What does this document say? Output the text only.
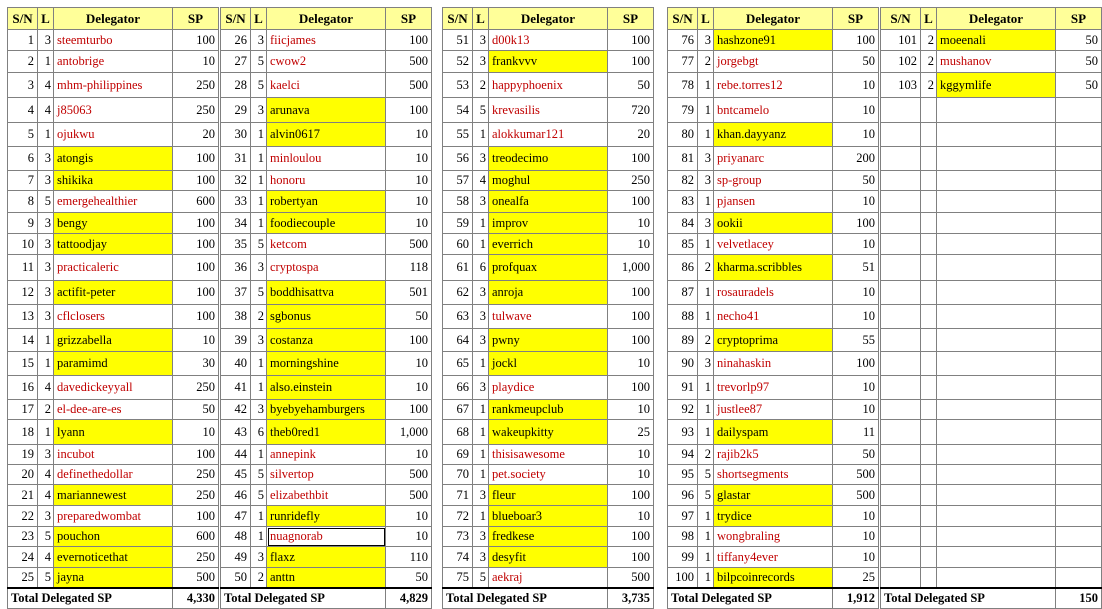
S/N	L	Delegator	SP
1	3	steemturbo	100
2	1	antobrige	10
3	4	mhm-philippines	250
4	4	j85063	250
5	1	ojukwu	20
6	3	atongis	100
7	3	shikika	100
8	5	emergehealthier	600
9	3	bengy	100
10	3	tattoodjay	100
11	3	practicaleric	100
12	3	actifit-peter	100
13	3	cflclosers	100
14	1	grizzabella	10
15	1	paramimd	30
16	4	davedickeyyall	250
17	2	el-dee-are-es	50
18	1	lyann	10
19	3	incubot	100
20	4	definethedollar	250
21	4	mariannewest	250
22	3	preparedwombat	100
23	5	pouchon	600
24	4	evernoticethat	250
25	5	jayna	500
Total Delegated SP			4,330
S/N	L	Delegator	SP
26	3	fiicjames	100
27	5	cwow2	500
28	5	kaelci	500
29	3	arunava	100
30	1	alvin0617	10
31	1	minloulou	10
32	1	honoru	10
33	1	robertyan	10
34	1	foodiecouple	10
35	5	ketcom	500
36	3	cryptospa	118
37	5	boddhisattva	501
38	2	sgbonus	50
39	3	costanza	100
40	1	morningshine	10
41	1	also.einstein	10
42	3	byebyehamburgers	100
43	6	theb0red1	1,000
44	1	annepink	10
45	5	silvertop	500
46	5	elizabethbit	500
47	1	runridefly	10
48	1	nuagnorab	10
49	3	flaxz	110
50	2	anttn	50
Total Delegated SP			4,829
S/N	L	Delegator	SP
51	3	d00k13	100
52	3	frankvvv	100
53	2	happyphoenix	50
54	5	krevasilis	720
55	1	alokkumar121	20
56	3	treodecimo	100
57	4	moghul	250
58	3	onealfa	100
59	1	improv	10
60	1	everrich	10
61	6	profquax	1,000
62	3	anroja	100
63	3	tulwave	100
64	3	pwny	100
65	1	jockl	10
66	3	playdice	100
67	1	rankmeupclub	10
68	1	wakeupkitty	25
69	1	thisisawesome	10
70	1	pet.society	10
71	3	fleur	100
72	1	blueboar3	10
73	3	fredkese	100
74	3	desyfit	100
75	5	aekraj	500
Total Delegated SP			3,735
S/N	L	Delegator	SP
76	3	hashzone91	100
77	2	jorgebgt	50
78	1	rebe.torres12	10
79	1	bntcamelo	10
80	1	khan.dayyanz	10
81	3	priyanarc	200
82	3	sp-group	50
83	1	pjansen	10
84	3	ookii	100
85	1	velvetlacey	10
86	2	kharma.scribbles	51
87	1	rosauradels	10
88	1	necho41	10
89	2	cryptoprima	55
90	3	ninahaskin	100
91	1	trevorlp97	10
92	1	justlee87	10
93	1	dailyspam	11
94	2	rajib2k5	50
95	5	shortsegments	500
96	5	glastar	500
97	1	trydice	10
98	1	wongbraling	10
99	1	tiffany4ever	10
100	1	bilpcoinrecords	25
Total Delegated SP			1,912
S/N	L	Delegator	SP
101	2	moeenali	50
102	2	mushanov	50
103	2	kggymlife	50

Total Delegated SP			150
